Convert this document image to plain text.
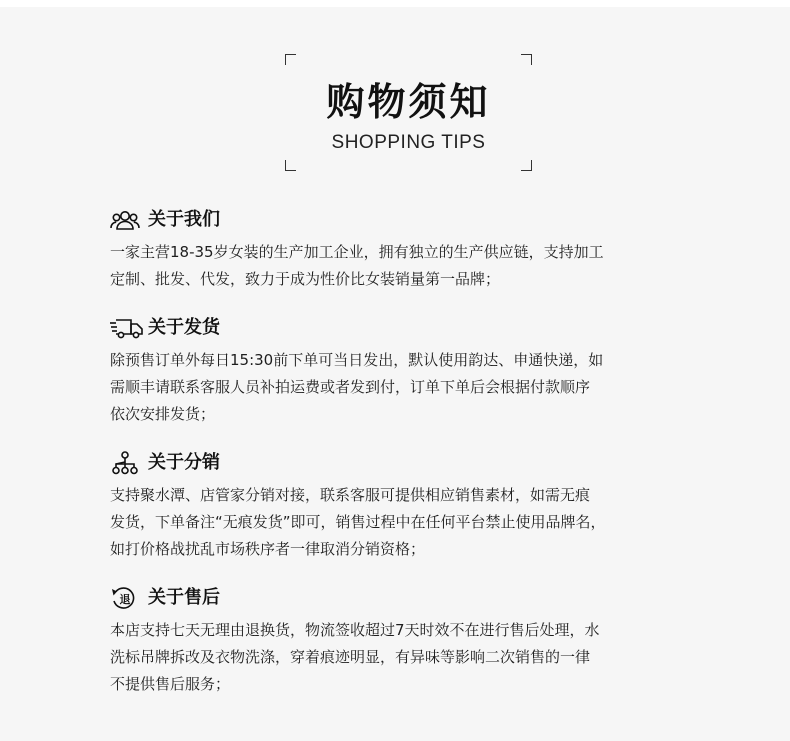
购物须知
SHOPPING TIPS
关于我们
一家主营18-35岁女装的生产加工企业，拥有独立的生产供应链，支持加工
定制、批发、代发，致力于成为性价比女装销量第一品牌；
关于发货
除预售订单外每日15:30前下单可当日发出，默认使用韵达、申通快递，如
需顺丰请联系客服人员补拍运费或者发到付，订单下单后会根据付款顺序
依次安排发货；
关于分销
支持聚水潭、店管家分销对接，联系客服可提供相应销售素材，如需无痕
发货，下单备注“无痕发货”即可，销售过程中在任何平台禁止使用品牌名，
如打价格战扰乱市场秩序者一律取消分销资格；
退 关于售后
本店支持七天无理由退换货，物流签收超过7天时效不在进行售后处理，水
洗标吊牌拆改及衣物洗涤，穿着痕迹明显，有异味等影响二次销售的一律
不提供售后服务；
